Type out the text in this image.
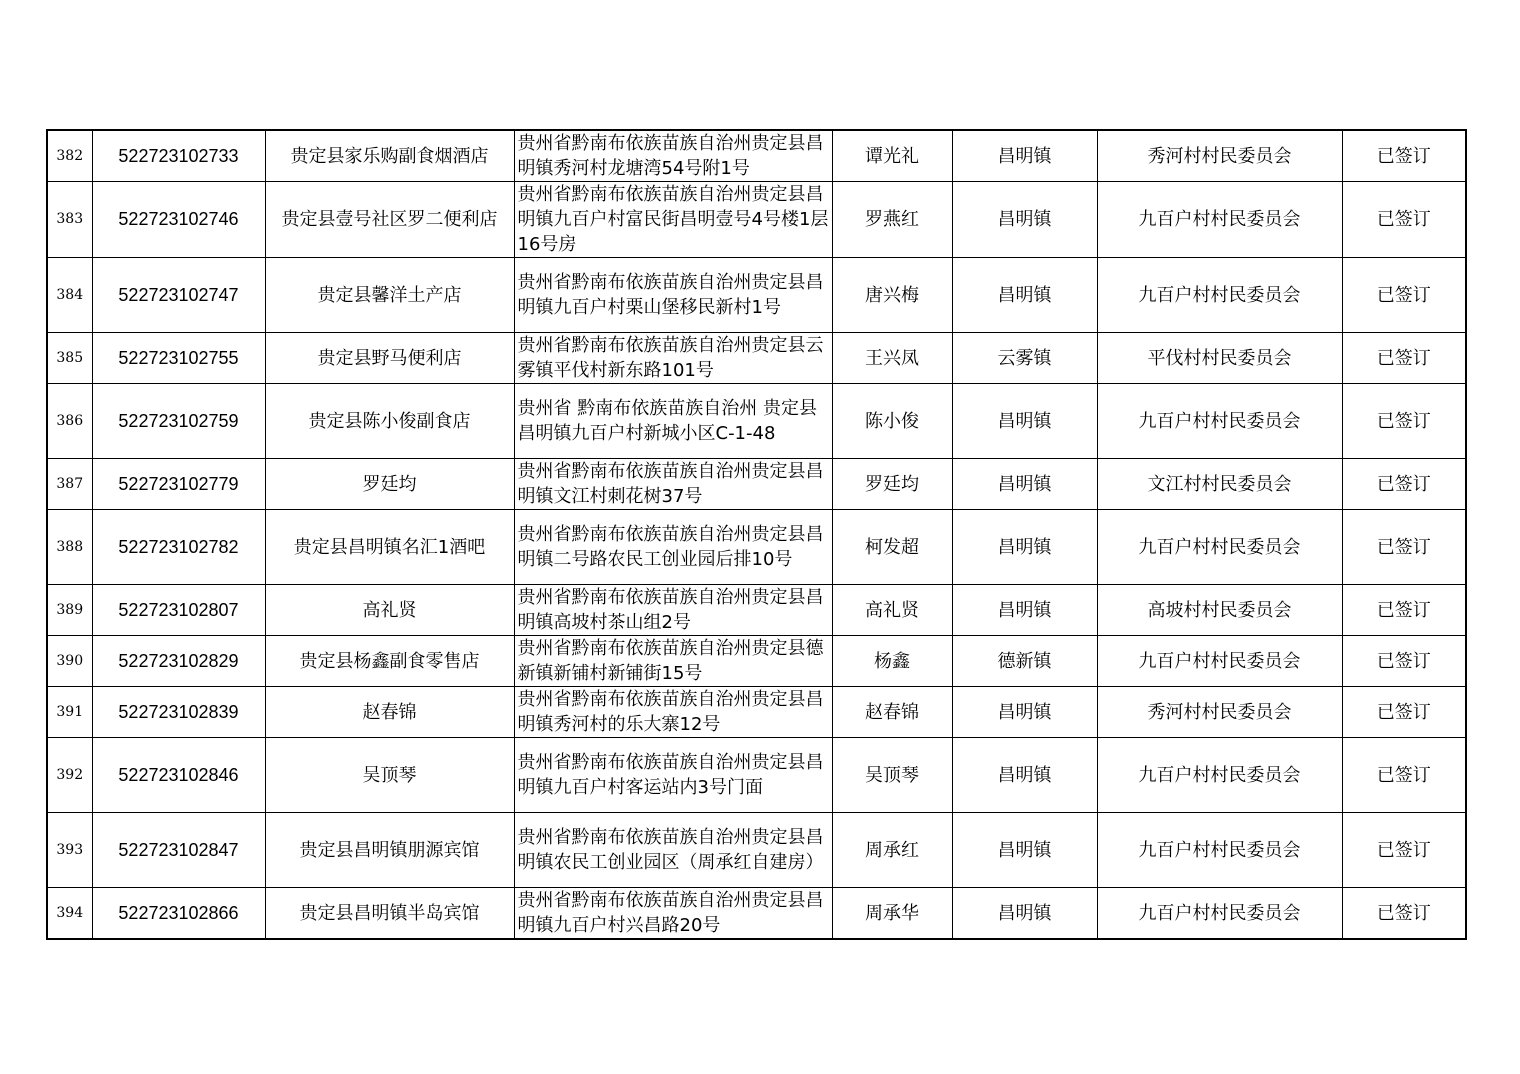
382	522723102733	贵定县家乐购副食烟酒店	贵州省黔南布依族苗族自治州贵定县昌明镇秀河村龙塘湾54号附1号	谭光礼	昌明镇	秀河村村民委员会	已签订
383	522723102746	贵定县壹号社区罗二便利店	贵州省黔南布依族苗族自治州贵定县昌明镇九百户村富民街昌明壹号4号楼1层16号房	罗燕红	昌明镇	九百户村村民委员会	已签订
384	522723102747	贵定县馨洋土产店	贵州省黔南布依族苗族自治州贵定县昌明镇九百户村栗山堡移民新村1号	唐兴梅	昌明镇	九百户村村民委员会	已签订
385	522723102755	贵定县野马便利店	贵州省黔南布依族苗族自治州贵定县云雾镇平伐村新东路101号	王兴凤	云雾镇	平伐村村民委员会	已签订
386	522723102759	贵定县陈小俊副食店	贵州省 黔南布依族苗族自治州 贵定县昌明镇九百户村新城小区C-1-48	陈小俊	昌明镇	九百户村村民委员会	已签订
387	522723102779	罗廷均	贵州省黔南布依族苗族自治州贵定县昌明镇文江村刺花树37号	罗廷均	昌明镇	文江村村民委员会	已签订
388	522723102782	贵定县昌明镇名汇1酒吧	贵州省黔南布依族苗族自治州贵定县昌明镇二号路农民工创业园后排10号	柯发超	昌明镇	九百户村村民委员会	已签订
389	522723102807	高礼贤	贵州省黔南布依族苗族自治州贵定县昌明镇高坡村茶山组2号	高礼贤	昌明镇	高坡村村民委员会	已签订
390	522723102829	贵定县杨鑫副食零售店	贵州省黔南布依族苗族自治州贵定县德新镇新铺村新铺街15号	杨鑫	德新镇	九百户村村民委员会	已签订
391	522723102839	赵春锦	贵州省黔南布依族苗族自治州贵定县昌明镇秀河村的乐大寨12号	赵春锦	昌明镇	秀河村村民委员会	已签订
392	522723102846	吴顶琴	贵州省黔南布依族苗族自治州贵定县昌明镇九百户村客运站内3号门面	吴顶琴	昌明镇	九百户村村民委员会	已签订
393	522723102847	贵定县昌明镇朋源宾馆	贵州省黔南布依族苗族自治州贵定县昌明镇农民工创业园区（周承红自建房）	周承红	昌明镇	九百户村村民委员会	已签订
394	522723102866	贵定县昌明镇半岛宾馆	贵州省黔南布依族苗族自治州贵定县昌明镇九百户村兴昌路20号	周承华	昌明镇	九百户村村民委员会	已签订
